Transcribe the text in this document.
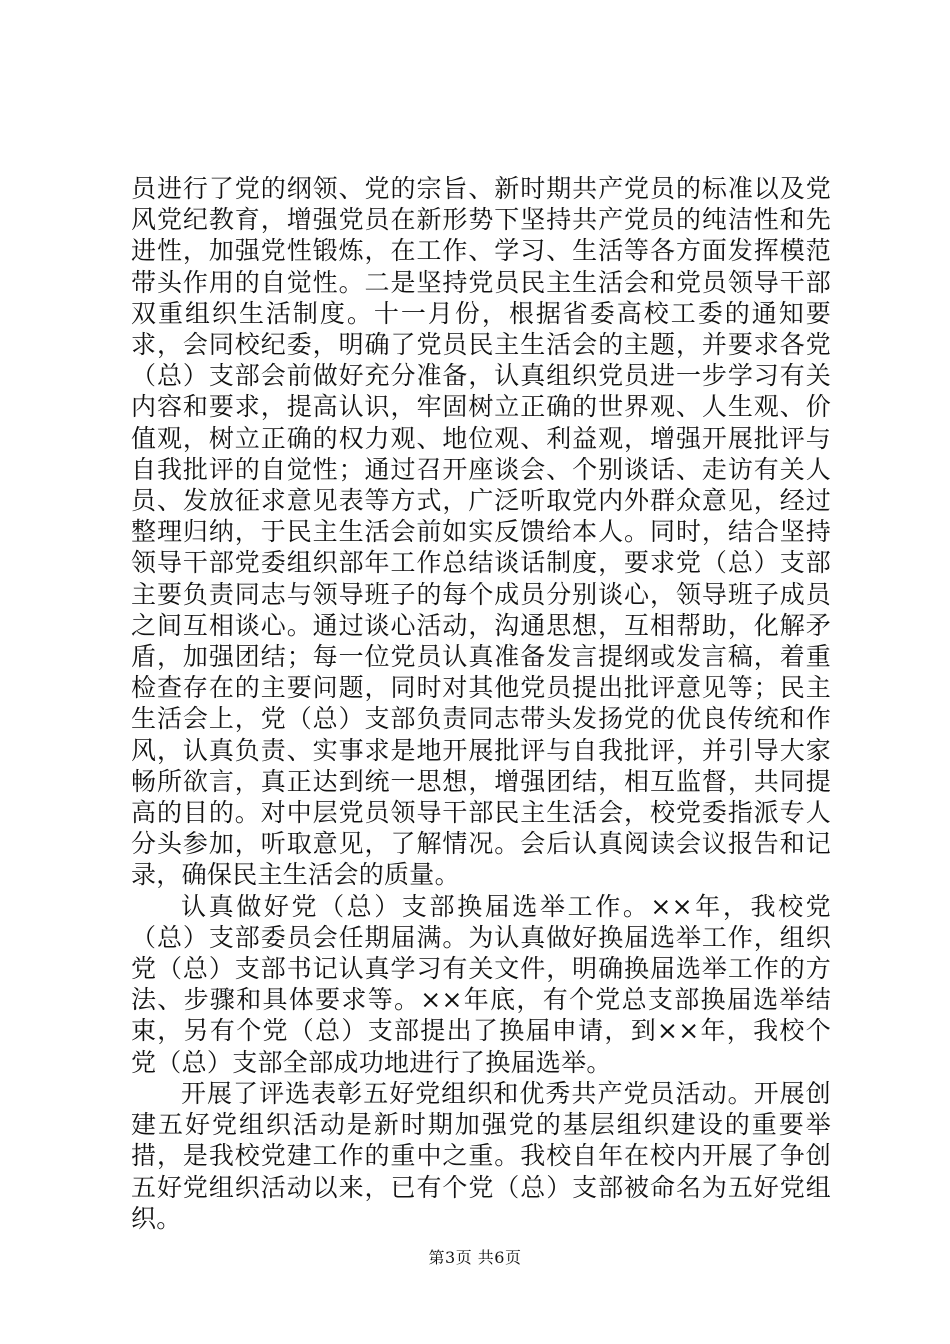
员进行了党的纲领、党的宗旨、新时期共产党员的标准以及党风党纪教育，增强党员在新形势下坚持共产党员的纯洁性和先进性，加强党性锻炼，在工作、学习、生活等各方面发挥模范带头作用的自觉性。二是坚持党员民主生活会和党员领导干部双重组织生活制度。十一月份，根据省委高校工委的通知要求，会同校纪委，明确了党员民主生活会的主题，并要求各党（总）支部会前做好充分准备，认真组织党员进一步学习有关内容和要求，提高认识，牢固树立正确的世界观、人生观、价值观，树立正确的权力观、地位观、利益观，增强开展批评与自我批评的自觉性；通过召开座谈会、个别谈话、走访有关人员、发放征求意见表等方式，广泛听取党内外群众意见，经过整理归纳，于民主生活会前如实反馈给本人。同时，结合坚持领导干部党委组织部年工作总结谈话制度，要求党（总）支部主要负责同志与领导班子的每个成员分别谈心，领导班子成员之间互相谈心。通过谈心活动，沟通思想，互相帮助，化解矛盾，加强团结；每一位党员认真准备发言提纲或发言稿，着重检查存在的主要问题，同时对其他党员提出批评意见等；民主生活会上，党（总）支部负责同志带头发扬党的优良传统和作风，认真负责、实事求是地开展批评与自我批评，并引导大家畅所欲言，真正达到统一思想，增强团结，相互监督，共同提高的目的。对中层党员领导干部民主生活会，校党委指派专人分头参加，听取意见，了解情况。会后认真阅读会议报告和记录，确保民主生活会的质量。

认真做好党（总）支部换届选举工作。××年，我校党（总）支部委员会任期届满。为认真做好换届选举工作，组织党（总）支部书记认真学习有关文件，明确换届选举工作的方法、步骤和具体要求等。××年底，有个党总支部换届选举结束，另有个党（总）支部提出了换届申请，到××年，我校个党（总）支部全部成功地进行了换届选举。

开展了评选表彰五好党组织和优秀共产党员活动。开展创建五好党组织活动是新时期加强党的基层组织建设的重要举措，是我校党建工作的重中之重。我校自年在校内开展了争创五好党组织活动以来，已有个党（总）支部被命名为五好党组织。

第3页 共6页
